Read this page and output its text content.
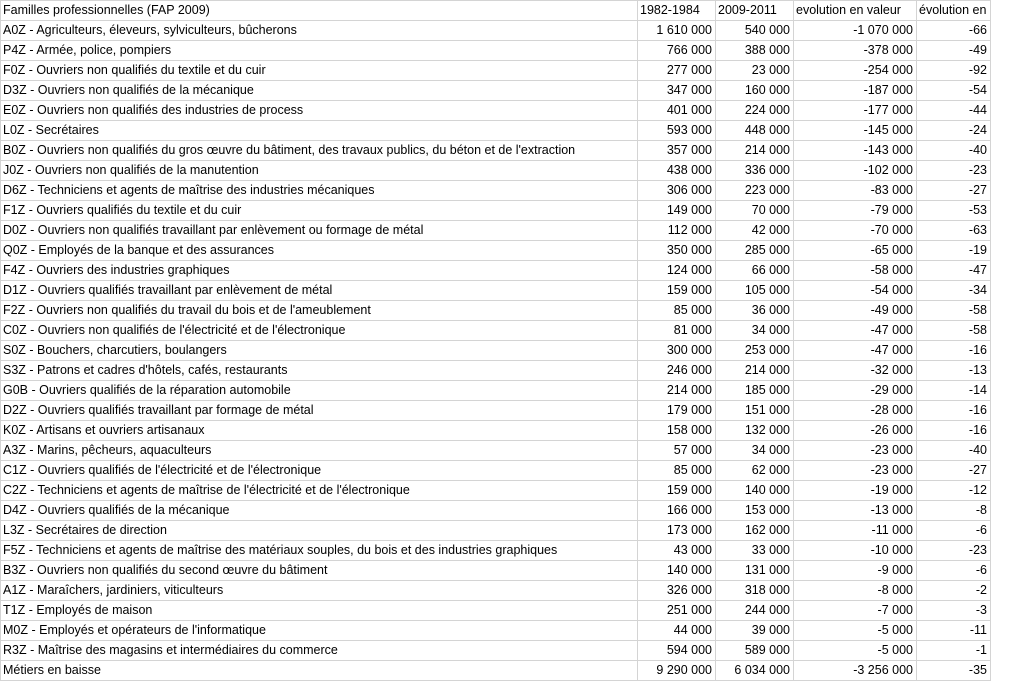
Familles professionnelles (FAP 2009)	1982-1984	2009-2011	evolution en valeur	évolution en
A0Z - Agriculteurs, éleveurs, sylviculteurs, bûcherons	1 610 000	540 000	-1 070 000	-66
P4Z - Armée, police, pompiers	766 000	388 000	-378 000	-49
F0Z - Ouvriers non qualifiés du textile et du cuir	277 000	23 000	-254 000	-92
D3Z - Ouvriers non qualifiés de la mécanique	347 000	160 000	-187 000	-54
E0Z - Ouvriers non qualifiés des industries de process	401 000	224 000	-177 000	-44
L0Z - Secrétaires	593 000	448 000	-145 000	-24
B0Z - Ouvriers non qualifiés du gros œuvre du bâtiment, des travaux publics, du béton et de l'extraction	357 000	214 000	-143 000	-40
J0Z - Ouvriers non qualifiés de la manutention	438 000	336 000	-102 000	-23
D6Z - Techniciens et agents de maîtrise des industries mécaniques	306 000	223 000	-83 000	-27
F1Z - Ouvriers qualifiés du textile et du cuir	149 000	70 000	-79 000	-53
D0Z - Ouvriers non qualifiés travaillant par enlèvement ou formage de métal	112 000	42 000	-70 000	-63
Q0Z - Employés de la banque et des assurances	350 000	285 000	-65 000	-19
F4Z - Ouvriers des industries graphiques	124 000	66 000	-58 000	-47
D1Z - Ouvriers qualifiés travaillant par enlèvement de métal	159 000	105 000	-54 000	-34
F2Z - Ouvriers non qualifiés du travail du bois et de l'ameublement	85 000	36 000	-49 000	-58
C0Z - Ouvriers non qualifiés de l'électricité et de l'électronique	81 000	34 000	-47 000	-58
S0Z - Bouchers, charcutiers, boulangers	300 000	253 000	-47 000	-16
S3Z - Patrons et cadres d'hôtels, cafés, restaurants	246 000	214 000	-32 000	-13
G0B - Ouvriers qualifiés de la réparation automobile	214 000	185 000	-29 000	-14
D2Z - Ouvriers qualifiés travaillant par formage de métal	179 000	151 000	-28 000	-16
K0Z - Artisans et ouvriers artisanaux	158 000	132 000	-26 000	-16
A3Z - Marins, pêcheurs, aquaculteurs	57 000	34 000	-23 000	-40
C1Z - Ouvriers qualifiés de l'électricité et de l'électronique	85 000	62 000	-23 000	-27
C2Z - Techniciens et agents de maîtrise de l'électricité et de l'électronique	159 000	140 000	-19 000	-12
D4Z - Ouvriers qualifiés de la mécanique	166 000	153 000	-13 000	-8
L3Z - Secrétaires de direction	173 000	162 000	-11 000	-6
F5Z - Techniciens et agents de maîtrise des matériaux souples, du bois et des industries graphiques	43 000	33 000	-10 000	-23
B3Z - Ouvriers non qualifiés du second œuvre du bâtiment	140 000	131 000	-9 000	-6
A1Z - Maraîchers, jardiniers, viticulteurs	326 000	318 000	-8 000	-2
T1Z - Employés de maison	251 000	244 000	-7 000	-3
M0Z - Employés et opérateurs de l'informatique	44 000	39 000	-5 000	-11
R3Z - Maîtrise des magasins et intermédiaires du commerce	594 000	589 000	-5 000	-1
Métiers en baisse	9 290 000	6 034 000	-3 256 000	-35
